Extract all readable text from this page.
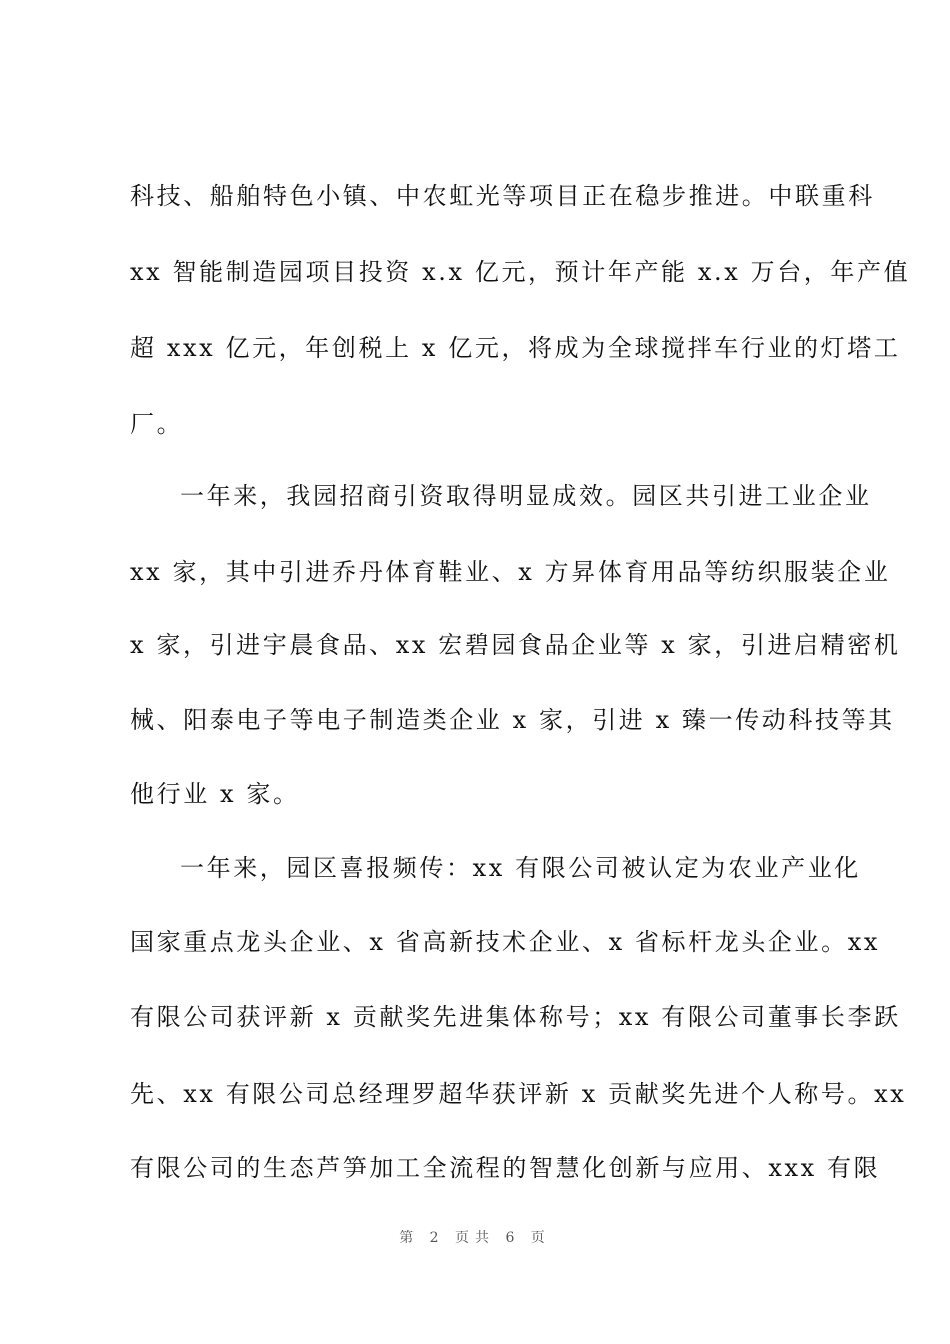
科技、船舶特色小镇、中农虹光等项目正在稳步推进。中联重科
xx 智能制造园项目投资 x.x 亿元，预计年产能 x.x 万台，年产值
超 xxx 亿元，年创税上 x 亿元，将成为全球搅拌车行业的灯塔工
厂。
一年来，我园招商引资取得明显成效。园区共引进工业企业
xx 家，其中引进乔丹体育鞋业、x 方昇体育用品等纺织服装企业
x 家，引进宇晨食品、xx 宏碧园食品企业等 x 家，引进启精密机
械、阳泰电子等电子制造类企业 x 家，引进 x 臻一传动科技等其
他行业 x 家。
一年来，园区喜报频传：xx 有限公司被认定为农业产业化
国家重点龙头企业、x 省高新技术企业、x 省标杆龙头企业。xx
有限公司获评新 x 贡献奖先进集体称号；xx 有限公司董事长李跃
先、xx 有限公司总经理罗超华获评新 x 贡献奖先进个人称号。xx
有限公司的生态芦笋加工全流程的智慧化创新与应用、xxx 有限
第 2 页共 6 页
